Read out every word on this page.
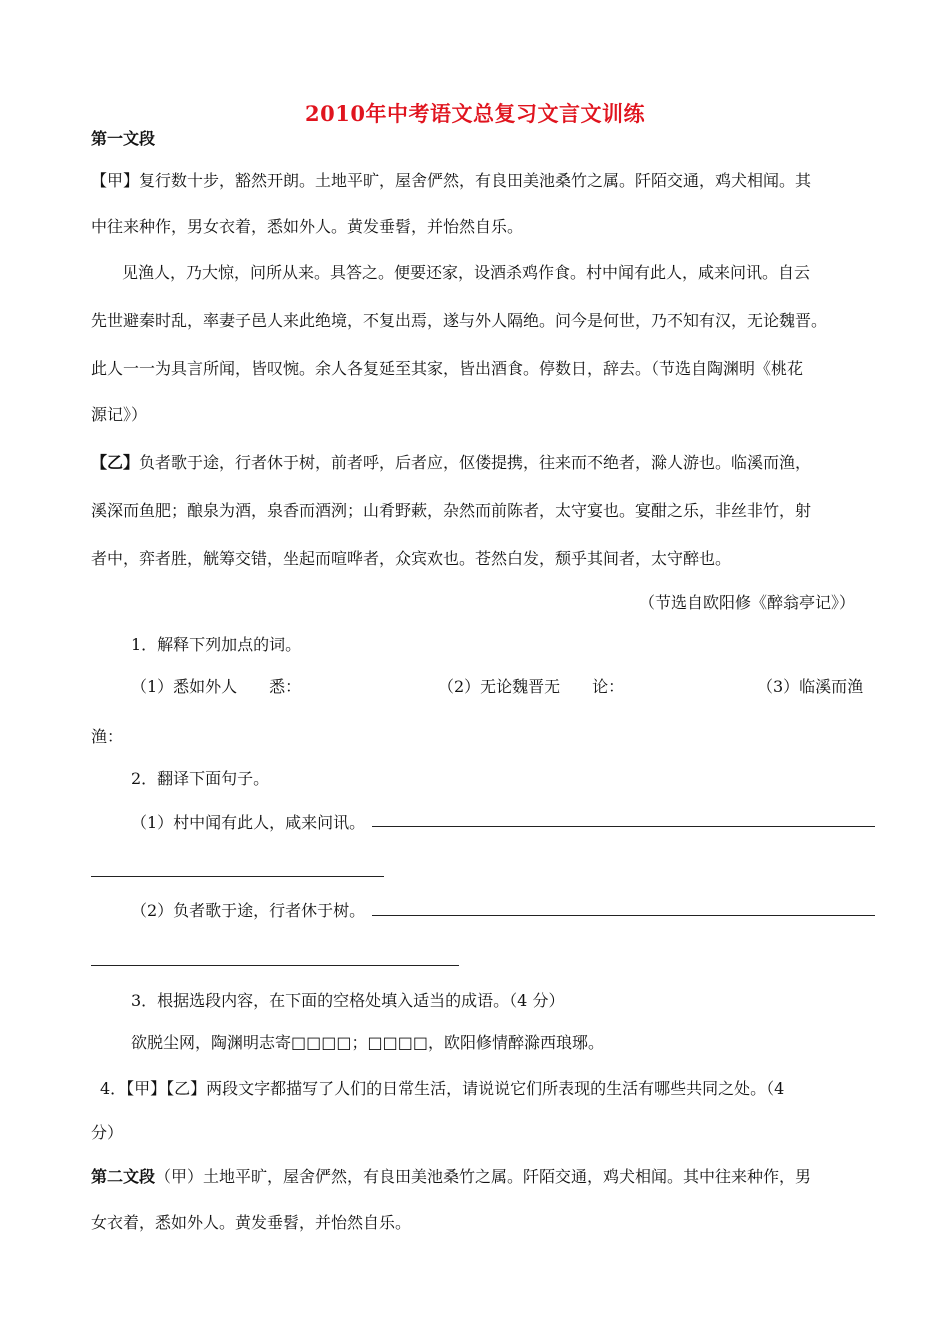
2010年中考语文总复习文言文训练
第一文段
【甲】复行数十步，豁然开朗。土地平旷，屋舍俨然，有良田美池桑竹之属。阡陌交通，鸡犬相闻。其
中往来种作，男女衣着，悉如外人。黄发垂髫，并怡然自乐。
见渔人，乃大惊，问所从来。具答之。便要还家，设酒杀鸡作食。村中闻有此人，咸来问讯。自云
先世避秦时乱，率妻子邑人来此绝境，不复出焉，遂与外人隔绝。问今是何世，乃不知有汉，无论魏晋。
此人一一为具言所闻，皆叹惋。余人各复延至其家，皆出酒食。停数日，辞去。（节选自陶渊明《桃花
源记》）
【乙】负者歌于途，行者休于树，前者呼，后者应，伛偻提携，往来而不绝者，滁人游也。临溪而渔，
溪深而鱼肥；酿泉为酒，泉香而酒洌；山肴野蔌，杂然而前陈者，太守宴也。宴酣之乐，非丝非竹，射
者中，弈者胜，觥筹交错，坐起而喧哗者，众宾欢也。苍然白发，颓乎其间者，太守醉也。
（节选自欧阳修《醉翁亭记》）
1．解释下列加点的词。
（1）悉如外人　　悉：	（2）无论魏晋无　　论：	（3）临溪而渔
渔：
2．翻译下面句子。
（1）村中闻有此人，咸来问讯。
（2）负者歌于途，行者休于树。
3．根据选段内容，在下面的空格处填入适当的成语。（4 分）
欲脱尘网，陶渊明志寄□□□□；□□□□，欧阳修情醉滁西琅琊。
4．【甲】【乙】两段文字都描写了人们的日常生活，请说说它们所表现的生活有哪些共同之处。（4
分）
第二文段（甲）土地平旷，屋舍俨然，有良田美池桑竹之属。阡陌交通，鸡犬相闻。其中往来种作，男
女衣着，悉如外人。黄发垂髫，并怡然自乐。
